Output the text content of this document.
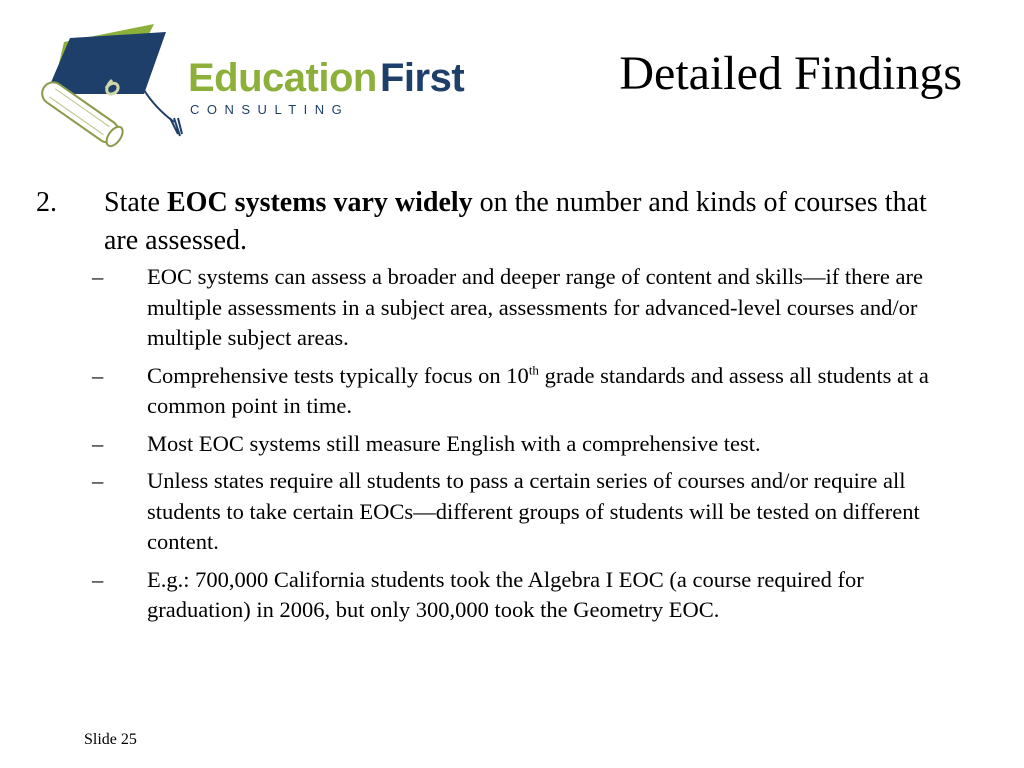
Education First
CONSULTING
Detailed Findings
2. State EOC systems vary widely on the number and kinds of courses that are assessed.
– EOC systems can assess a broader and deeper range of content and skills—if there are multiple assessments in a subject area, assessments for advanced-level courses and/or multiple subject areas.
– Comprehensive tests typically focus on 10th grade standards and assess all students at a common point in time.
– Most EOC systems still measure English with a comprehensive test.
– Unless states require all students to pass a certain series of courses and/or require all students to take certain EOCs—different groups of students will be tested on different content.
– E.g.: 700,000 California students took the Algebra I EOC (a course required for graduation) in 2006, but only 300,000 took the Geometry EOC.
Slide 25
